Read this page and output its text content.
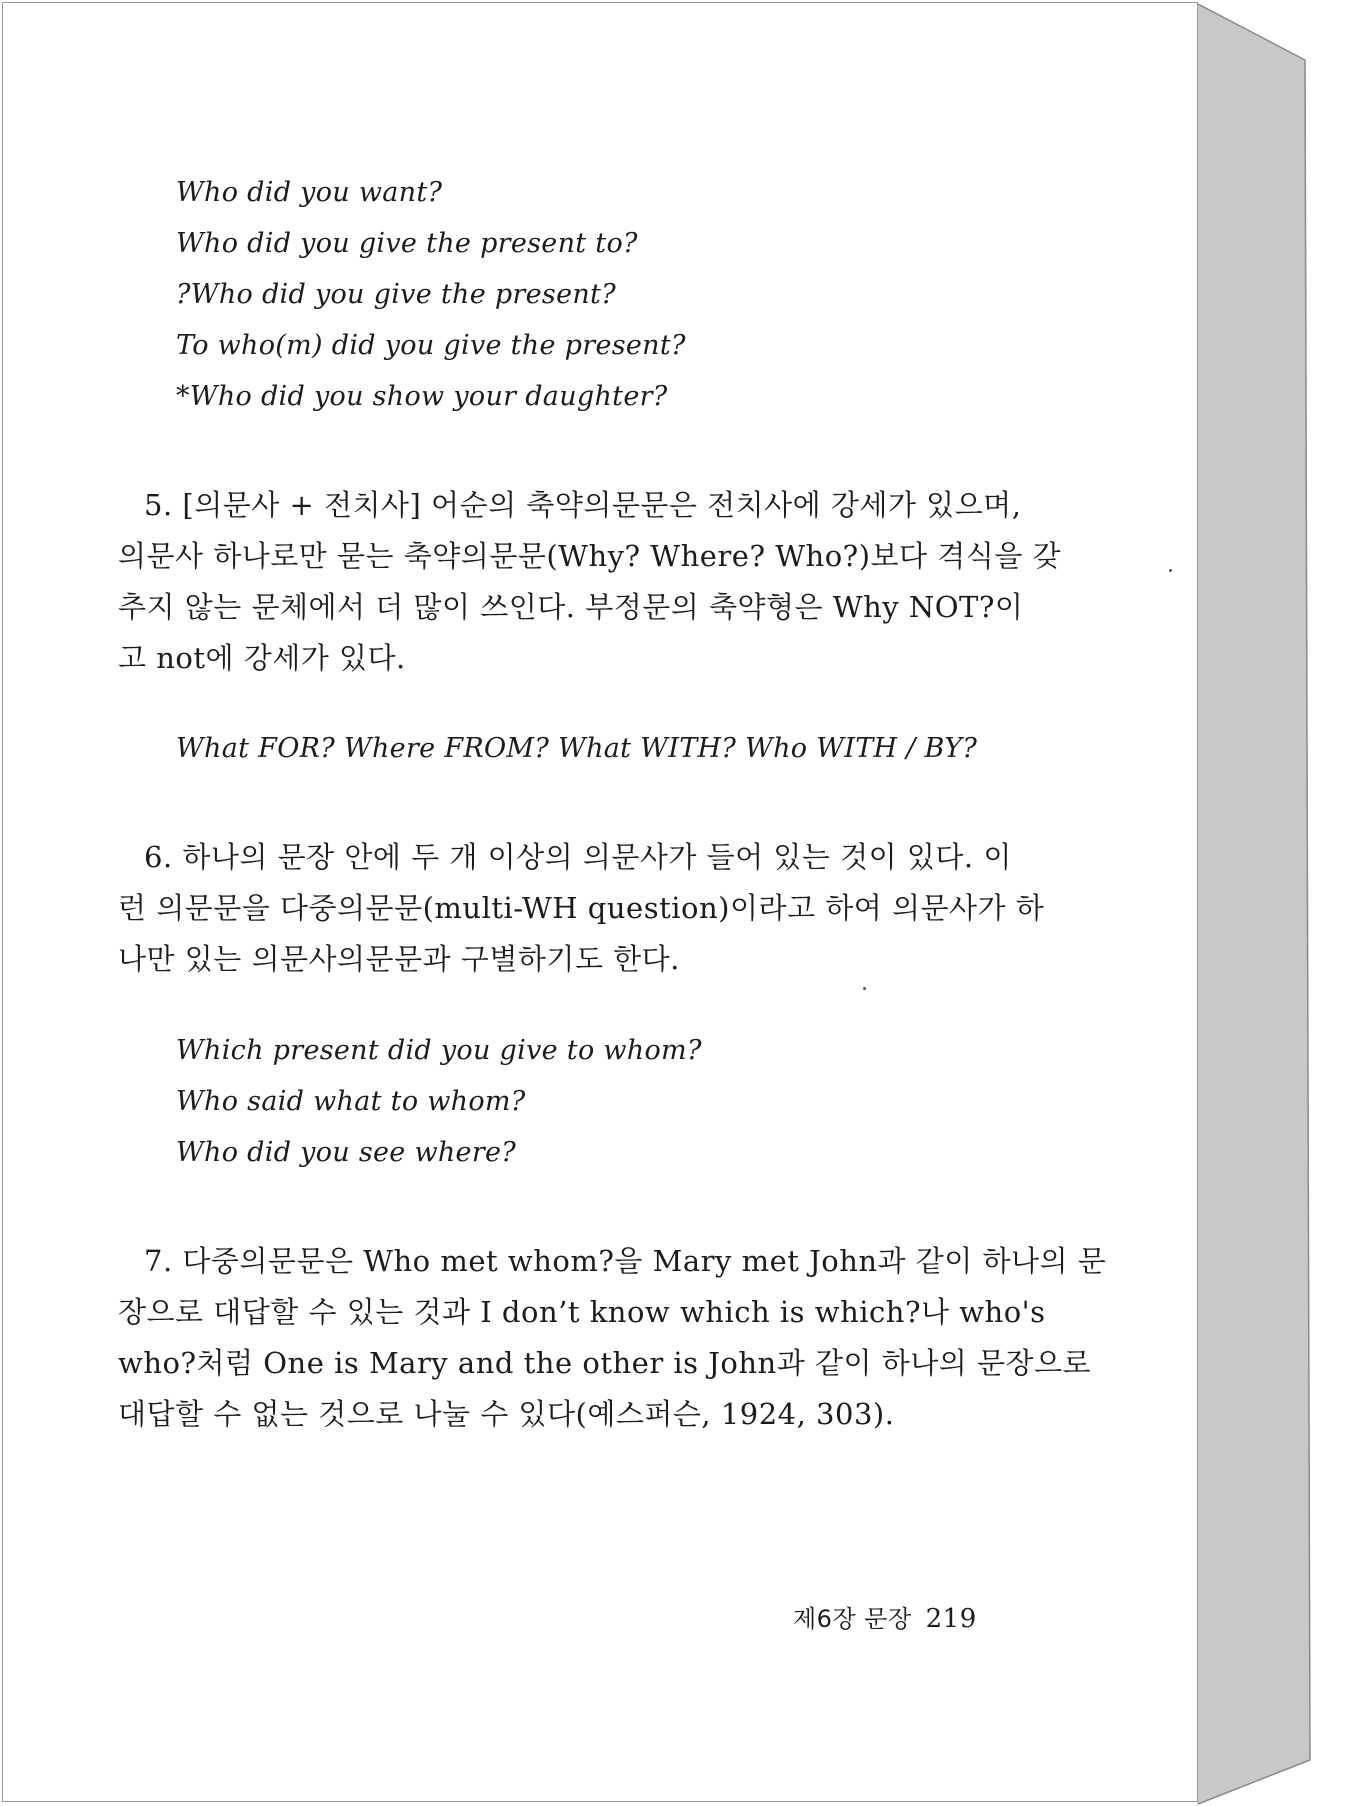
Who did you want?

Who did you give the present to?

?Who did you give the present?

To who(m) did you give the present?

*Who did you show your daughter?

5. [의문사 + 전치사] 어순의 축약의문문은 전치사에 강세가 있으며,

의문사 하나로만 묻는 축약의문문(Why? Where? Who?)보다 격식을 갖

추지 않는 문체에서 더 많이 쓰인다. 부정문의 축약형은 Why NOT?이

고 not에 강세가 있다.

What FOR? Where FROM? What WITH? Who WITH / BY?

6. 하나의 문장 안에 두 개 이상의 의문사가 들어 있는 것이 있다. 이

런 의문문을 다중의문문(multi-WH question)이라고 하여 의문사가 하

나만 있는 의문사의문문과 구별하기도 한다.

Which present did you give to whom?

Who said what to whom?

Who did you see where?

7. 다중의문문은 Who met whom?을 Mary met John과 같이 하나의 문

장으로 대답할 수 있는 것과 I don’t know which is which?나 who's

who?처럼 One is Mary and the other is John과 같이 하나의 문장으로

대답할 수 없는 것으로 나눌 수 있다(예스퍼슨, 1924, 303).

제6장 문장 219
